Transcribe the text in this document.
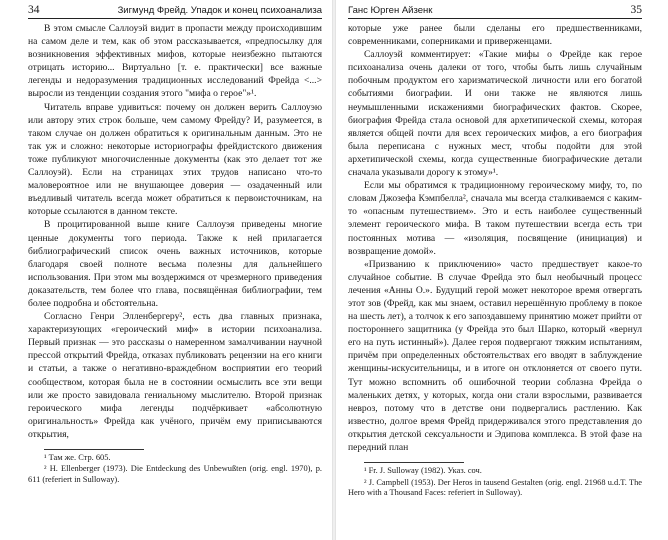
34	Зигмунд Фрейд. Упадок и конец психоанализа

В этом смысле Саллоуэй видит в пропасти между происходившим на самом деле и тем, как об этом рассказывается, «предпосылку для возникновения эффективных мифов, которые неизбежно пытаются отрицать историю... Виртуально [т. е. практически] все важные легенды и недоразумения традиционных исследований Фрейда <...> выросли из тенденции создания этого "мифа о герое"»¹.

Читатель вправе удивиться: почему он должен верить Саллоуэю или автору этих строк больше, чем самому Фрейду? И, разумеется, в таком случае он должен обратиться к оригинальным данным. Это не так уж и сложно: некоторые историографы фрейдистского движения тоже публикуют многочисленные документы (как это делает тот же Саллоуэй). Если на страницах этих трудов написано что-то маловероятное или не внушающее доверия — озадаченный или въедливый читатель всегда может обратиться к первоисточникам, на которые ссылаются в данном тексте.

В процитированной выше книге Саллоуэя приведены многие ценные документы того периода. Также к ней прилагается библиографический список очень важных источников, которые благодаря своей полноте весьма полезны для дальнейшего использования. При этом мы воздержимся от чрезмерного приведения доказательств, тем более что глава, посвящённая библиографии, тем более подробна и обстоятельна.

Согласно Генри Элленбергеру², есть два главных признака, характеризующих «героический миф» в истории психоанализа. Первый признак — это рассказы о намеренном замалчивании научной прессой открытий Фрейда, отказах публиковать рецензии на его книги и статьи, а также о негативно-враждебном восприятии его теорий сообществом, которая была не в состоянии осмыслить все эти вещи или же просто завидовала гениальному мыслителю. Второй признак героического мифа легенды подчёркивает «абсолютную оригинальность» Фрейда как учёного, причём ему приписываются открытия,

¹ Там же. Стр. 605.

² H. Ellenberger (1973). Die Entdeckung des Unbewußten (orig. engl. 1970), p. 611 (referiert in Sulloway).

Ганс Юрген Айзенк	35

которые уже ранее были сделаны его предшественниками, современниками, соперниками и приверженцами.

Саллоуэй комментирует: «Такие мифы о Фрейде как герое психоанализа очень далеки от того, чтобы быть лишь случайным побочным продуктом его харизматической личности или его богатой событиями биографии. И они также не являются лишь неумышленными искажениями биографических фактов. Скорее, биография Фрейда стала основой для архетипической схемы, которая является общей почти для всех героических мифов, а его биография была переписана с нужных мест, чтобы подойти для этой архетипической схемы, когда существенные биографические детали сначала указывали дорогу к этому»¹.

Если мы обратимся к традиционному героическому мифу, то, по словам Джозефа Кэмпбелла², сначала мы всегда сталкиваемся с каким-то «опасным путешествием». Это и есть наиболее существенный элемент героического мифа. В таком путешествии всегда есть три постоянных мотива — «изоляция, посвящение (инициация) и возвращение домой».

«Призванию к приключению» часто предшествует какое-то случайное событие. В случае Фрейда это был необычный процесс лечения «Анны О.». Будущий герой может некоторое время отвергать этот зов (Фрейд, как мы знаем, оставил нерешённую проблему в покое на шесть лет), а толчок к его запоздавшему принятию может прийти от постороннего защитника (у Фрейда это был Шарко, который «вернул его на путь истинный»). Далее героя подвергают тяжким испытаниям, причём при определенных обстоятельствах его вводят в заблуждение женщины-искусительницы, и в итоге он отклоняется от своего пути. Тут можно вспомнить об ошибочной теории соблазна Фрейда о маленьких детях, у которых, когда они стали взрослыми, развивается невроз, потому что в детстве они подвергались растлению. Как известно, долгое время Фрейд придерживался этого представления до открытия детской сексуальности и Эдипова комплекса. В этой фазе на передний план

¹ Fr. J. Sulloway (1982). Указ. соч.

² J. Campbell (1953). Der Heros in tausend Gestalten (orig. engl. 21968 u.d.T. The Hero with a Thousand Faces: referiert in Sulloway).
